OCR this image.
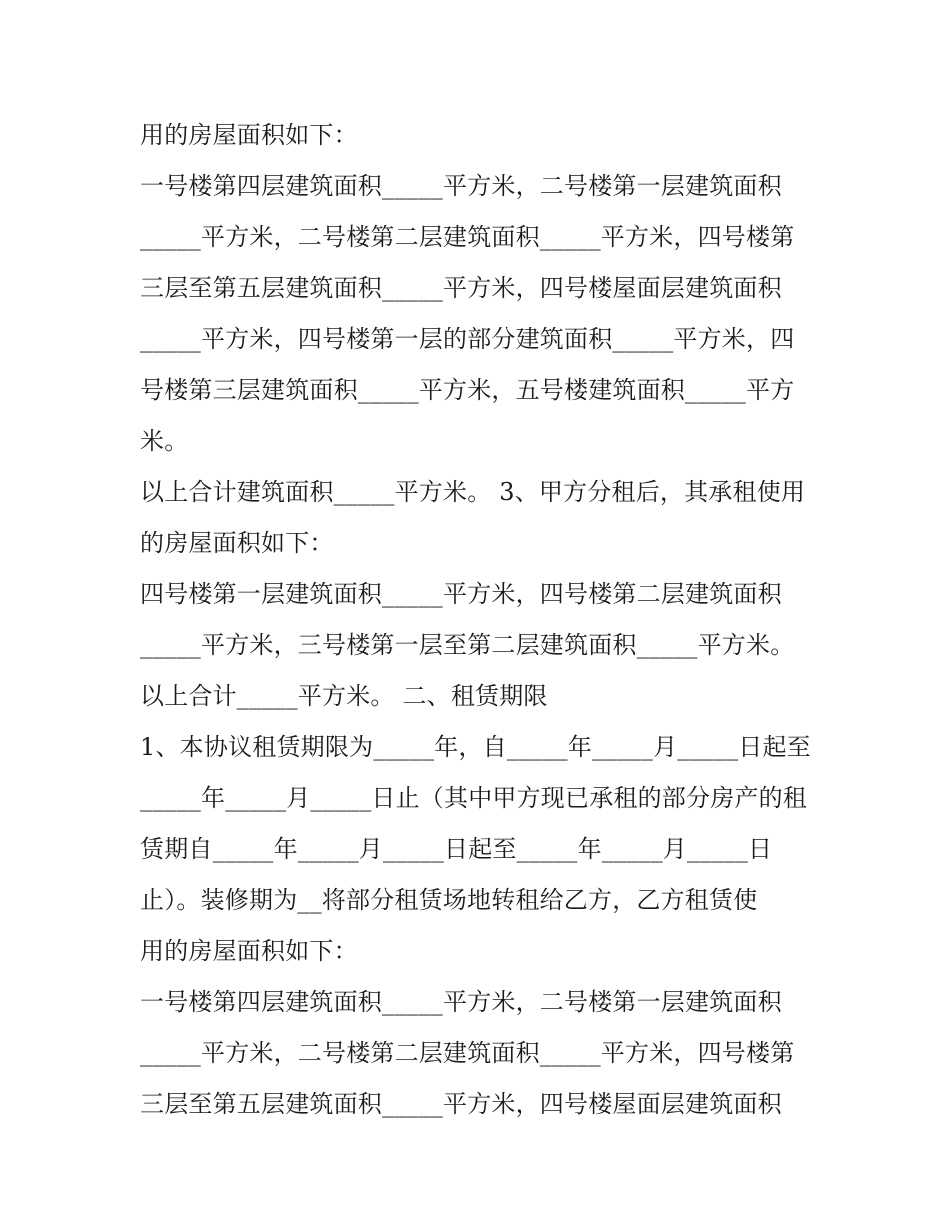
用的房屋面积如下：
一号楼第四层建筑面积_____平方米，二号楼第一层建筑面积
_____平方米，二号楼第二层建筑面积_____平方米，四号楼第
三层至第五层建筑面积_____平方米，四号楼屋面层建筑面积
_____平方米，四号楼第一层的部分建筑面积_____平方米，四
号楼第三层建筑面积_____平方米，五号楼建筑面积_____平方
米。
以上合计建筑面积_____平方米。 3、甲方分租后，其承租使用
的房屋面积如下：
四号楼第一层建筑面积_____平方米，四号楼第二层建筑面积
_____平方米，三号楼第一层至第二层建筑面积_____平方米。
以上合计_____平方米。 二、租赁期限
1、本协议租赁期限为_____年，自_____年_____月_____日起至
_____年_____月_____日止（其中甲方现已承租的部分房产的租
赁期自_____年_____月_____日起至_____年_____月_____日
止）。装修期为__将部分租赁场地转租给乙方，乙方租赁使
用的房屋面积如下：
一号楼第四层建筑面积_____平方米，二号楼第一层建筑面积
_____平方米，二号楼第二层建筑面积_____平方米，四号楼第
三层至第五层建筑面积_____平方米，四号楼屋面层建筑面积
